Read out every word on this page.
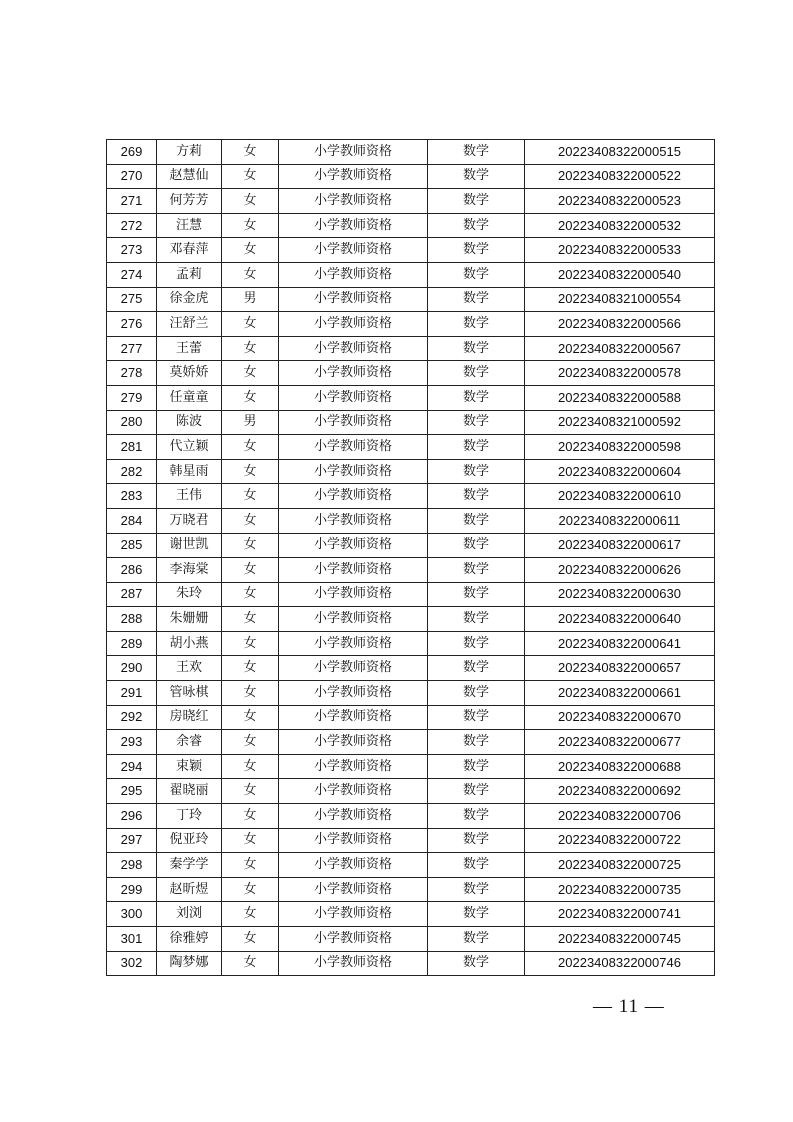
269	方莉	女	小学教师资格	数学	20223408322000515
270	赵慧仙	女	小学教师资格	数学	20223408322000522
271	何芳芳	女	小学教师资格	数学	20223408322000523
272	汪慧	女	小学教师资格	数学	20223408322000532
273	邓春萍	女	小学教师资格	数学	20223408322000533
274	孟莉	女	小学教师资格	数学	20223408322000540
275	徐金虎	男	小学教师资格	数学	20223408321000554
276	汪舒兰	女	小学教师资格	数学	20223408322000566
277	王蕾	女	小学教师资格	数学	20223408322000567
278	莫娇娇	女	小学教师资格	数学	20223408322000578
279	任童童	女	小学教师资格	数学	20223408322000588
280	陈波	男	小学教师资格	数学	20223408321000592
281	代立颖	女	小学教师资格	数学	20223408322000598
282	韩星雨	女	小学教师资格	数学	20223408322000604
283	王伟	女	小学教师资格	数学	20223408322000610
284	万晓君	女	小学教师资格	数学	20223408322000611
285	谢世凯	女	小学教师资格	数学	20223408322000617
286	李海棠	女	小学教师资格	数学	20223408322000626
287	朱玲	女	小学教师资格	数学	20223408322000630
288	朱姗姗	女	小学教师资格	数学	20223408322000640
289	胡小燕	女	小学教师资格	数学	20223408322000641
290	王欢	女	小学教师资格	数学	20223408322000657
291	管咏棋	女	小学教师资格	数学	20223408322000661
292	房晓红	女	小学教师资格	数学	20223408322000670
293	余睿	女	小学教师资格	数学	20223408322000677
294	束颖	女	小学教师资格	数学	20223408322000688
295	翟晓丽	女	小学教师资格	数学	20223408322000692
296	丁玲	女	小学教师资格	数学	20223408322000706
297	倪亚玲	女	小学教师资格	数学	20223408322000722
298	秦学学	女	小学教师资格	数学	20223408322000725
299	赵昕煜	女	小学教师资格	数学	20223408322000735
300	刘浏	女	小学教师资格	数学	20223408322000741
301	徐雅婷	女	小学教师资格	数学	20223408322000745
302	陶梦娜	女	小学教师资格	数学	20223408322000746
— 11 —
